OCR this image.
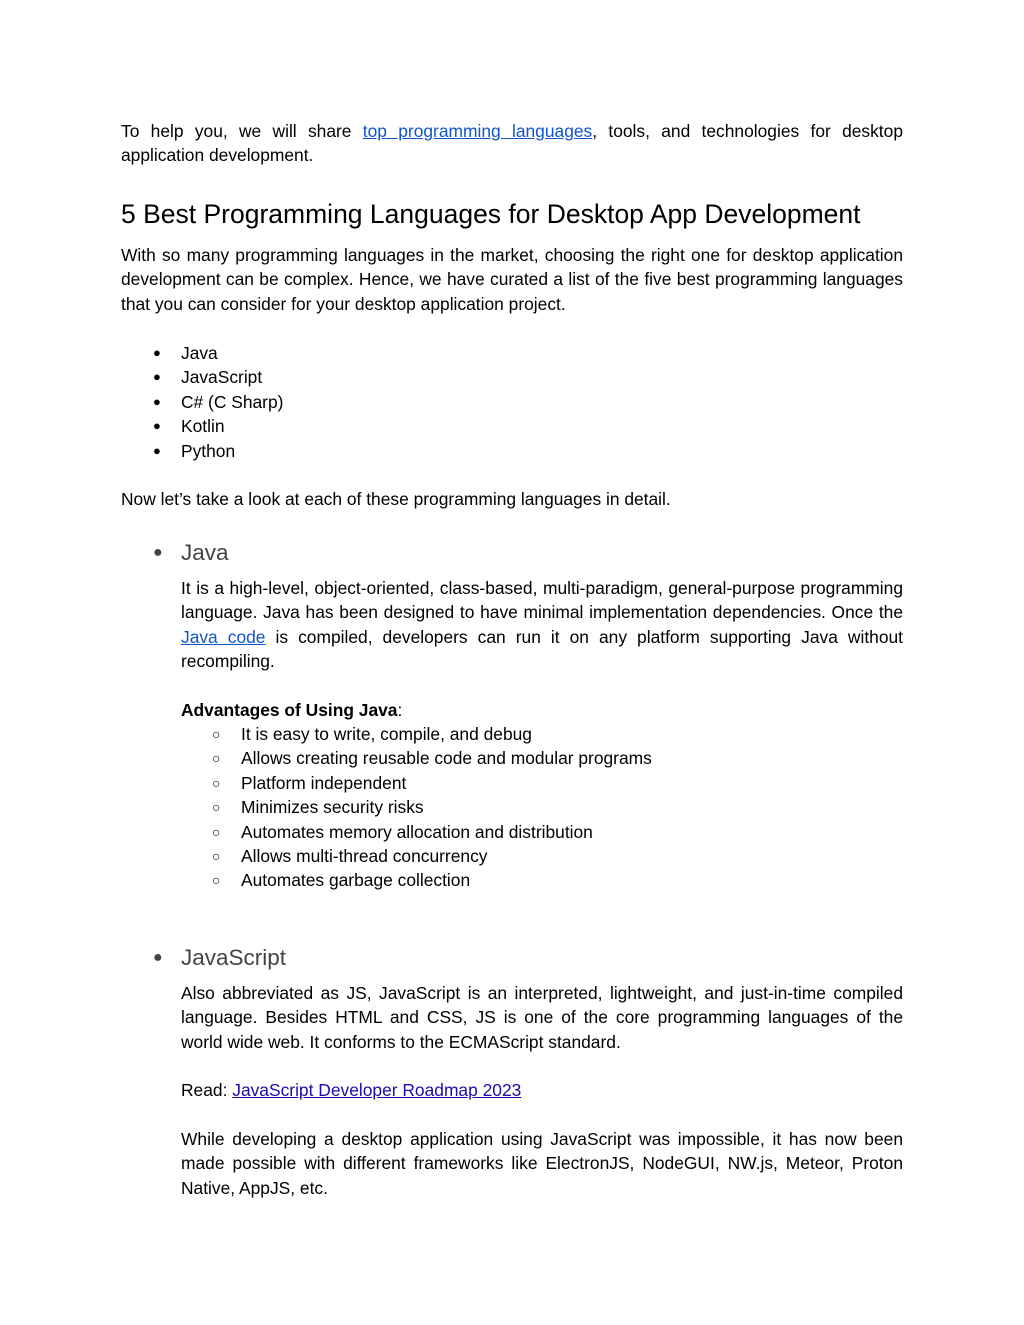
To help you, we will share top programming languages, tools, and technologies for desktop application development.

5 Best Programming Languages for Desktop App Development

With so many programming languages in the market, choosing the right one for desktop application development can be complex. Hence, we have curated a list of the five best programming languages that you can consider for your desktop application project.

● Java
● JavaScript
● C# (C Sharp)
● Kotlin
● Python

Now let’s take a look at each of these programming languages in detail.

● Java

It is a high-level, object-oriented, class-based, multi-paradigm, general-purpose programming language. Java has been designed to have minimal implementation dependencies. Once the Java code is compiled, developers can run it on any platform supporting Java without recompiling.

Advantages of Using Java:

○ It is easy to write, compile, and debug
○ Allows creating reusable code and modular programs
○ Platform independent
○ Minimizes security risks
○ Automates memory allocation and distribution
○ Allows multi-thread concurrency
○ Automates garbage collection
● JavaScript

Also abbreviated as JS, JavaScript is an interpreted, lightweight, and just-in-time compiled language. Besides HTML and CSS, JS is one of the core programming languages of the world wide web. It conforms to the ECMAScript standard.

Read: JavaScript Developer Roadmap 2023

While developing a desktop application using JavaScript was impossible, it has now been made possible with different frameworks like ElectronJS, NodeGUI, NW.js, Meteor, Proton Native, AppJS, etc.
